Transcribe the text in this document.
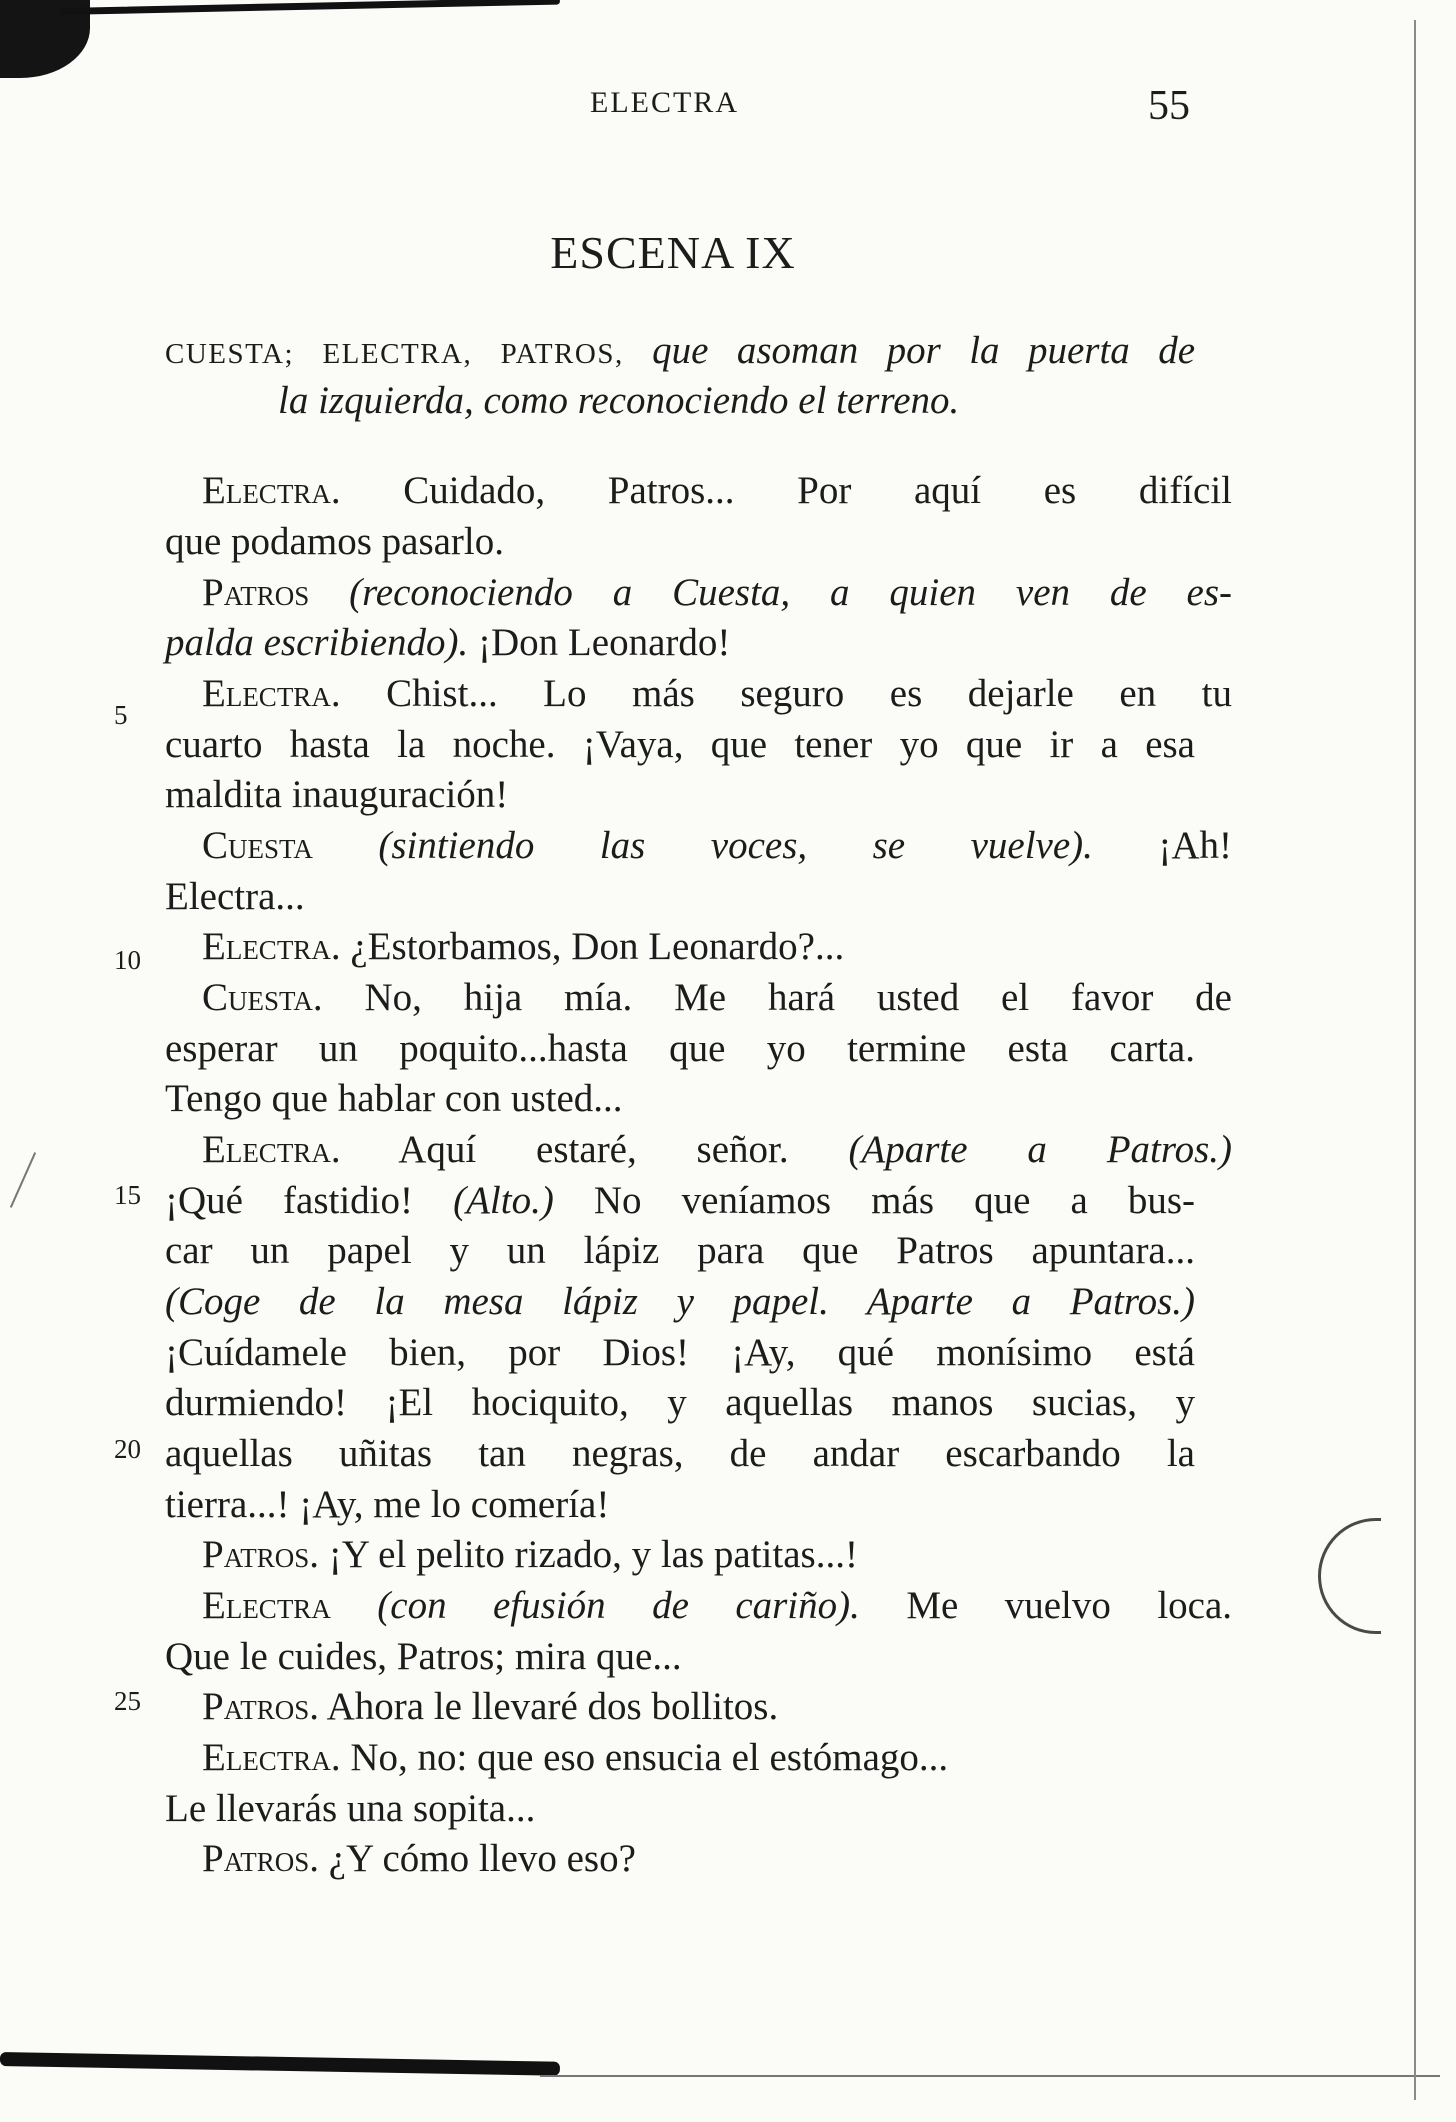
ELECTRA	55
ESCENA IX
CUESTA; ELECTRA, PATROS, que asoman por la puerta de
la izquierda, como reconociendo el terreno.
Electra. Cuidado, Patros... Por aquí es difícil
que podamos pasarlo.
Patros (reconociendo a Cuesta, a quien ven de es-
palda escribiendo). ¡Don Leonardo!
Electra. Chist... Lo más seguro es dejarle en tu
5
cuarto hasta la noche. ¡Vaya, que tener yo que ir a esa
maldita inauguración!
Cuesta (sintiendo las voces, se vuelve). ¡Ah!
Electra...
Electra. ¿Estorbamos, Don Leonardo?...
10
Cuesta. No, hija mía. Me hará usted el favor de
esperar un poquito...hasta que yo termine esta carta.
Tengo que hablar con usted...
Electra. Aquí estaré, señor. (Aparte a Patros.)
15 ¡Qué fastidio! (Alto.) No veníamos más que a bus-
car un papel y un lápiz para que Patros apuntara...
(Coge de la mesa lápiz y papel. Aparte a Patros.)
¡Cuídamele bien, por Dios! ¡Ay, qué monísimo está
durmiendo! ¡El hociquito, y aquellas manos sucias, y
20 aquellas uñitas tan negras, de andar escarbando la
tierra...! ¡Ay, me lo comería!
Patros. ¡Y el pelito rizado, y las patitas...!
Electra (con efusión de cariño). Me vuelvo loca.
Que le cuides, Patros; mira que...
25	Patros. Ahora le llevaré dos bollitos.
Electra. No, no: que eso ensucia el estómago...
Le llevarás una sopita...
Patros. ¿Y cómo llevo eso?
